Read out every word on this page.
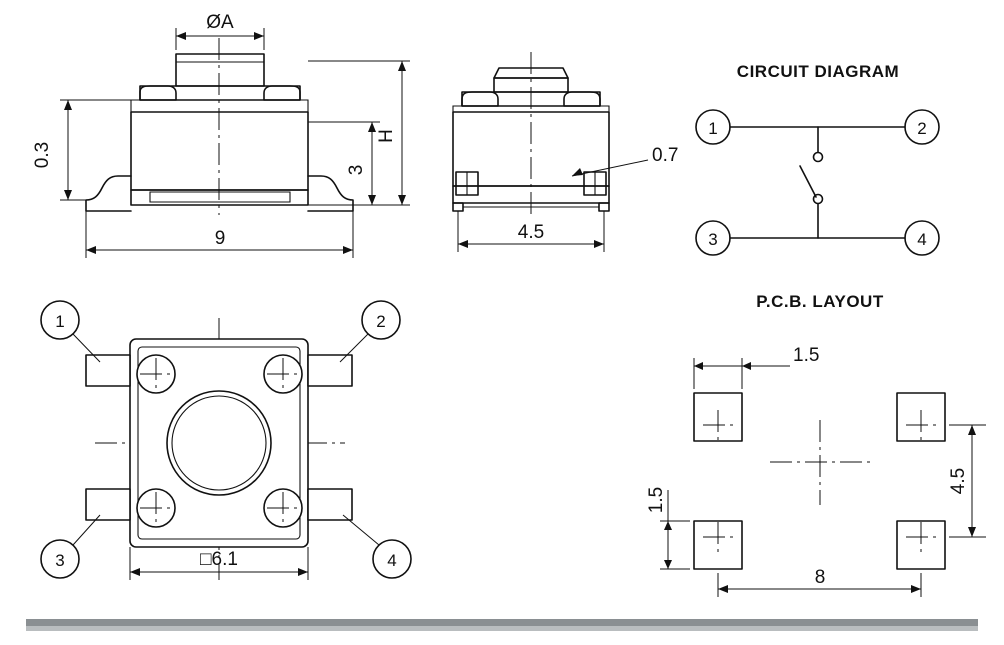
0.3
ØA
H
3
9
0.7
4.5
CIRCUIT DIAGRAM
1	2
3	4
1	2
3	4
□6.1
P.C.B. LAYOUT
1.5
1.5
8
4.5
